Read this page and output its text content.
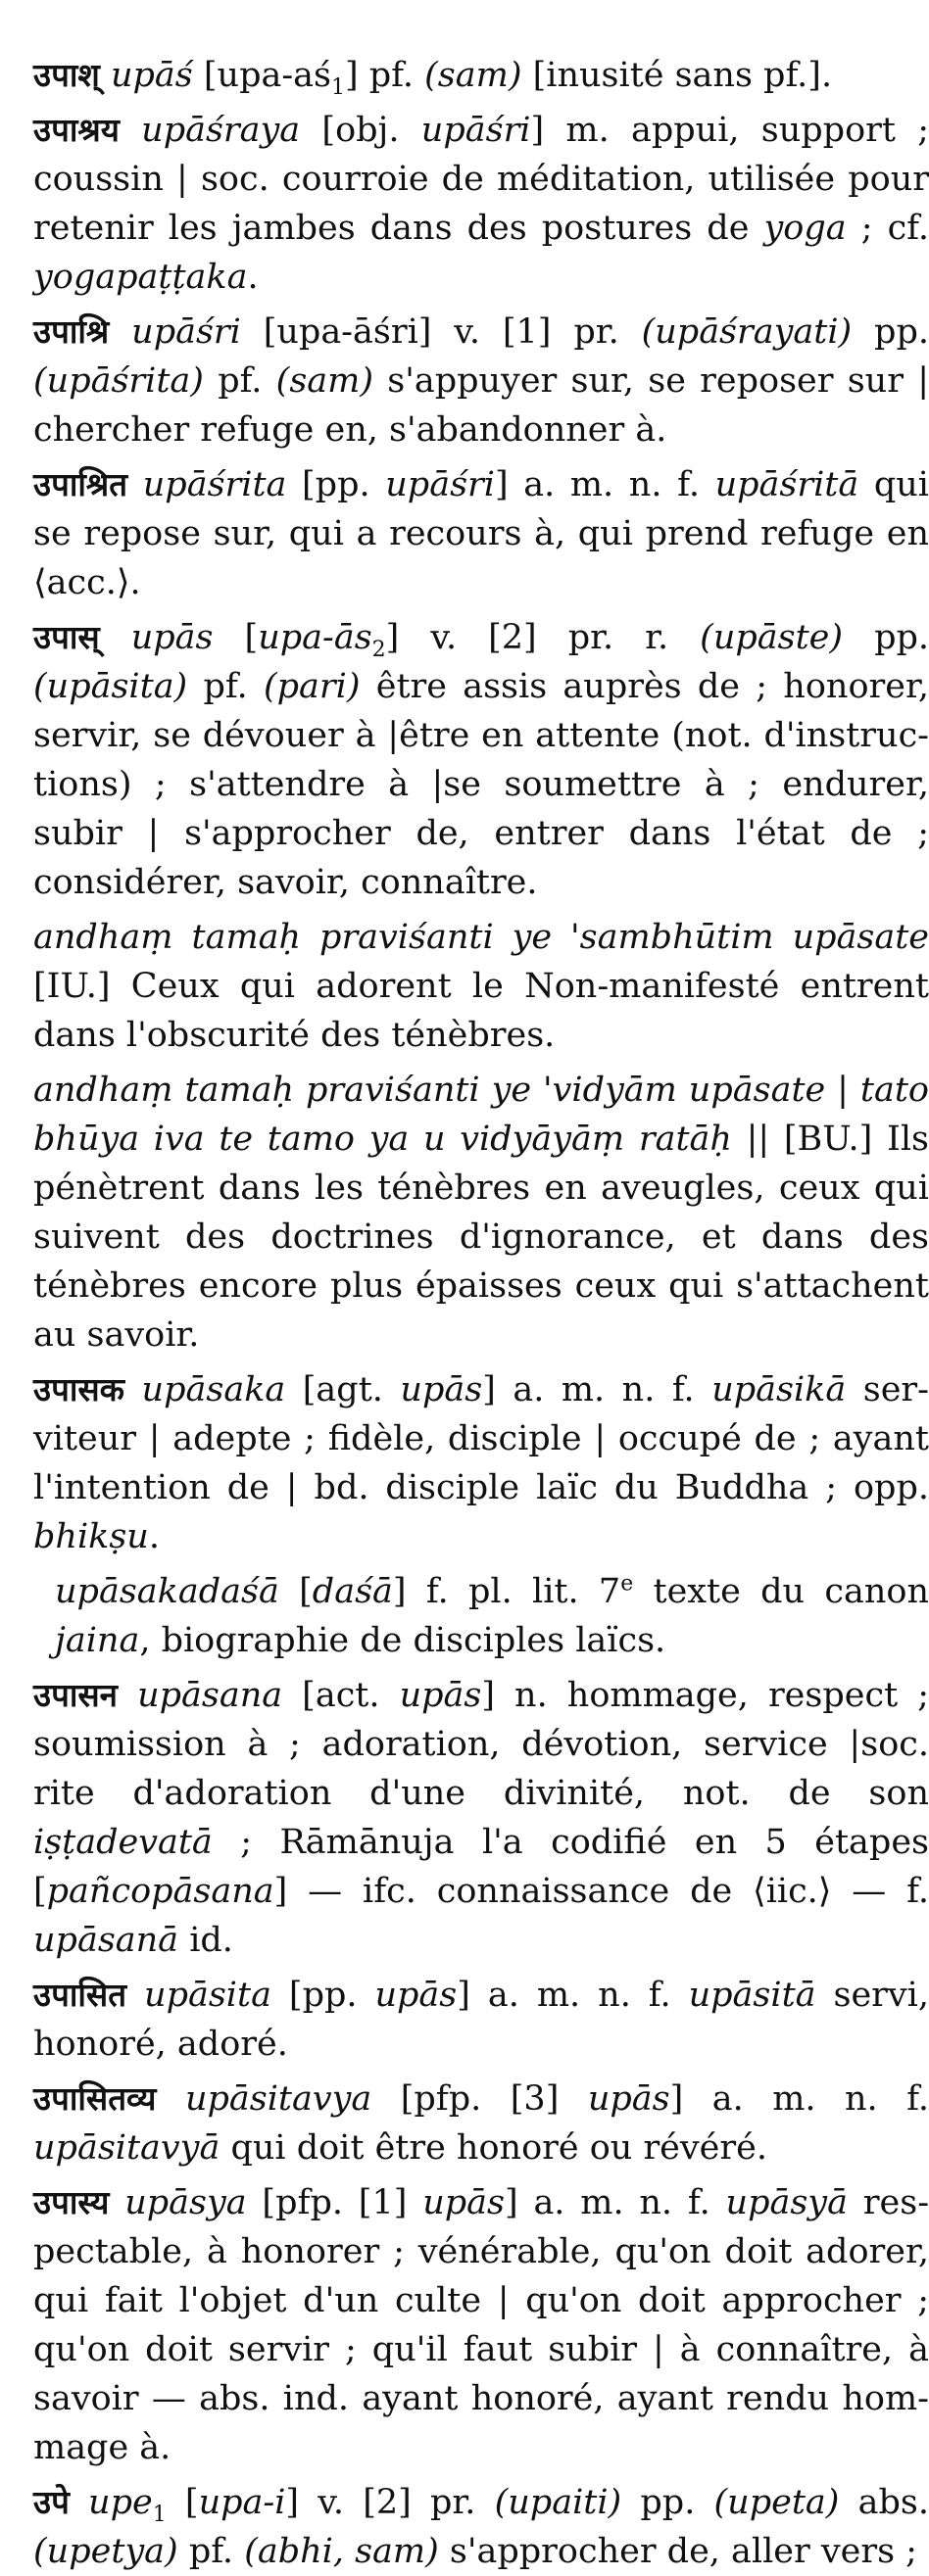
उपाश् upāś $[upa-aś_1]$ pf. (sam) [inusité sans pf.].

उपाश्रय upāśraya [obj. upāśri] m. appui, support ; coussin | soc. courroie de méditation, utilisée pour retenir les jambes dans des postures de yoga ; cf. yogapaṭṭaka.

उपाश्रि upāśri [upa-āśri] v. [1] pr. (upāśrayati) pp. (upāśrita) pf. (sam) s'appuyer sur, se reposer sur | chercher refuge en, s'abandonner à.

उपाश्रित upāśrita [pp. upāśri] a. m. n. f. upāśritā qui se repose sur, qui a recours à, qui prend refuge en ⟨acc.⟩.

उपास् upās $[upa-ās_2]$ v. [2] pr. r. (upāste) pp. (upāsita) pf. (pari) être assis auprès de ; honorer, servir, se dévouer à |être en attente (not. d'instructions) ; s'attendre à |se soumettre à ; endurer, subir | s'approcher de, entrer dans l'état de ; considérer, savoir, connaître.

andhaṃ tamaḥ praviśanti ye 'sambhūtim upāsate [IU.] Ceux qui adorent le Non-manifesté entrent dans l'obscurité des ténèbres.

andhaṃ tamaḥ praviśanti ye 'vidyām upāsate | tato bhūya iva te tamo ya u vidyāyāṃ ratāḥ || [BU.] Ils pénètrent dans les ténèbres en aveugles, ceux qui suivent des doctrines d'ignorance, et dans des ténèbres encore plus épaisses ceux qui s'attachent au savoir.

उपासक upāsaka [agt. upās] a. m. n. f. upāsikā serviteur | adepte ; fidèle, disciple | occupé de ; ayant l'intention de | bd. disciple laïc du Buddha ; opp. bhikṣu.

upāsakadaśā [daśā] f. pl. lit. 7e texte du canon jaina, biographie de disciples laïcs.

उपासन upāsana [act. upās] n. hommage, respect ; soumission à ; adoration, dévotion, service |soc. rite d'adoration d'une divinité, not. de son iṣṭadevatā ; Rāmānuja l'a codifié en 5 étapes [pañcopāsana] — ifc. connaissance de ⟨iic.⟩ — f. upāsanā id.

उपासित upāsita [pp. upās] a. m. n. f. upāsitā servi, honoré, adoré.

उपासितव्य upāsitavya [pfp. [3] upās] a. m. n. f. upāsitavyā qui doit être honoré ou révéré.

उपास्य upāsya [pfp. [1] upās] a. m. n. f. upāsyā respectable, à honorer ; vénérable, qu'on doit adorer, qui fait l'objet d'un culte | qu'on doit approcher ; qu'on doit servir ; qu'il faut subir | à connaître, à savoir — abs. ind. ayant honoré, ayant rendu hommage à.

उपे upe$_1$ [upa-i] v. [2] pr. (upaiti) pp. (upeta) abs. (upetya) pf. (abhi, sam) s'approcher de, aller vers ;
